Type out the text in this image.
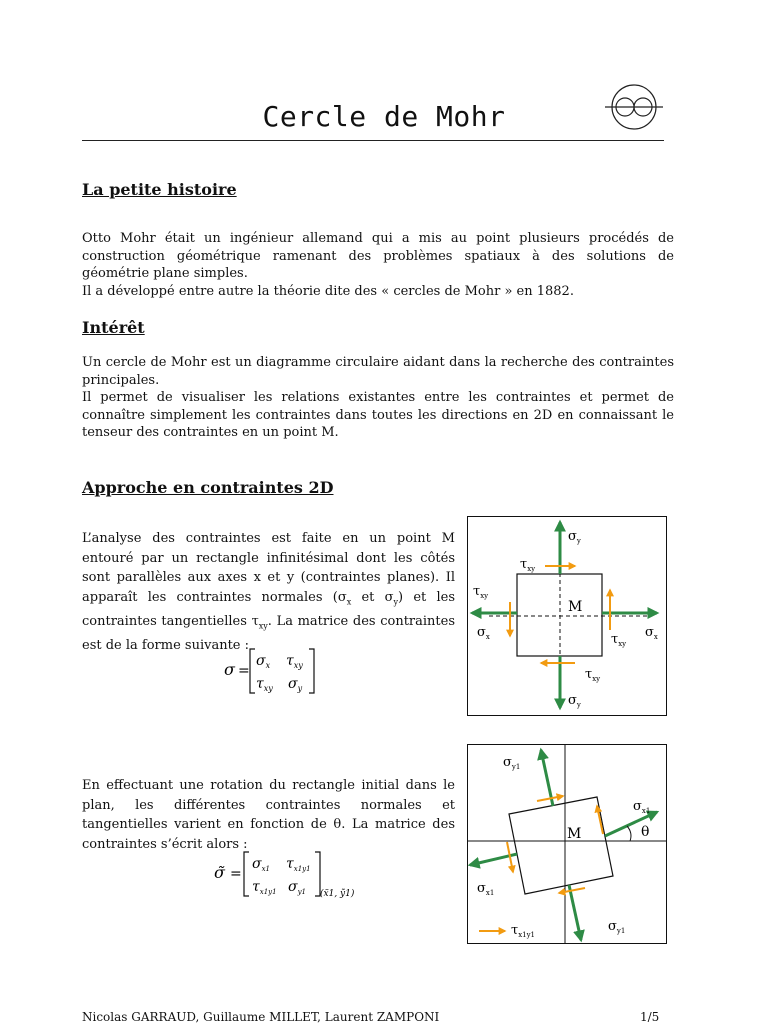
Cercle de Mohr
La petite histoire

Otto Mohr était un ingénieur allemand qui a mis au point plusieurs procédés de construction géométrique ramenant des problèmes spatiaux à des solutions de géométrie plane simples.
Il a développé entre autre la théorie dite des « cercles de Mohr » en 1882.

Intérêt

Un cercle de Mohr est un diagramme circulaire aidant dans la recherche des contraintes principales.
Il permet de visualiser les relations existantes entre les contraintes et permet de connaître simplement les contraintes dans toutes les directions en 2D en connaissant le tenseur des contraintes en un point M.

Approche en contraintes 2D

L’analyse des contraintes est faite en un point M entouré par un rectangle infinitésimal dont les côtés sont parallèles aux axes x et y (contraintes planes). Il apparaît les contraintes normales ($\sigma_x$ et $\sigma_y$) et les contraintes tangentielles $\tau_{xy}$. La matrice des contraintes est de la forme suivante :

σ =
$\sigma_x$ $\tau_{xy}$
$\tau_{xy}$ $\sigma_y$

En effectuant une rotation du rectangle initial dans le plan, les différentes contraintes normales et tangentielles varient en fonction de θ. La matrice des contraintes s’écrit alors :

σ̃ =
$\sigma_{x1}$ $\tau_{x1y1}$
$\tau_{x1y1}$ $\sigma_{y1}$ (x̃1, ỹ1)
M
$\sigma_y$
$\sigma_y$
$\sigma_x$
$\sigma_x$
$\tau_{xy}$
$\tau_{xy}$
$\tau_{xy}$
$\tau_{xy}$
M	θ
$\sigma_{y1}$
$\sigma_{x1}$
$\sigma_{x1}$
$\sigma_{y1}$
$\tau_{x1y1}$
Nicolas GARRAUD, Guillaume MILLET, Laurent ZAMPONI	1/5
